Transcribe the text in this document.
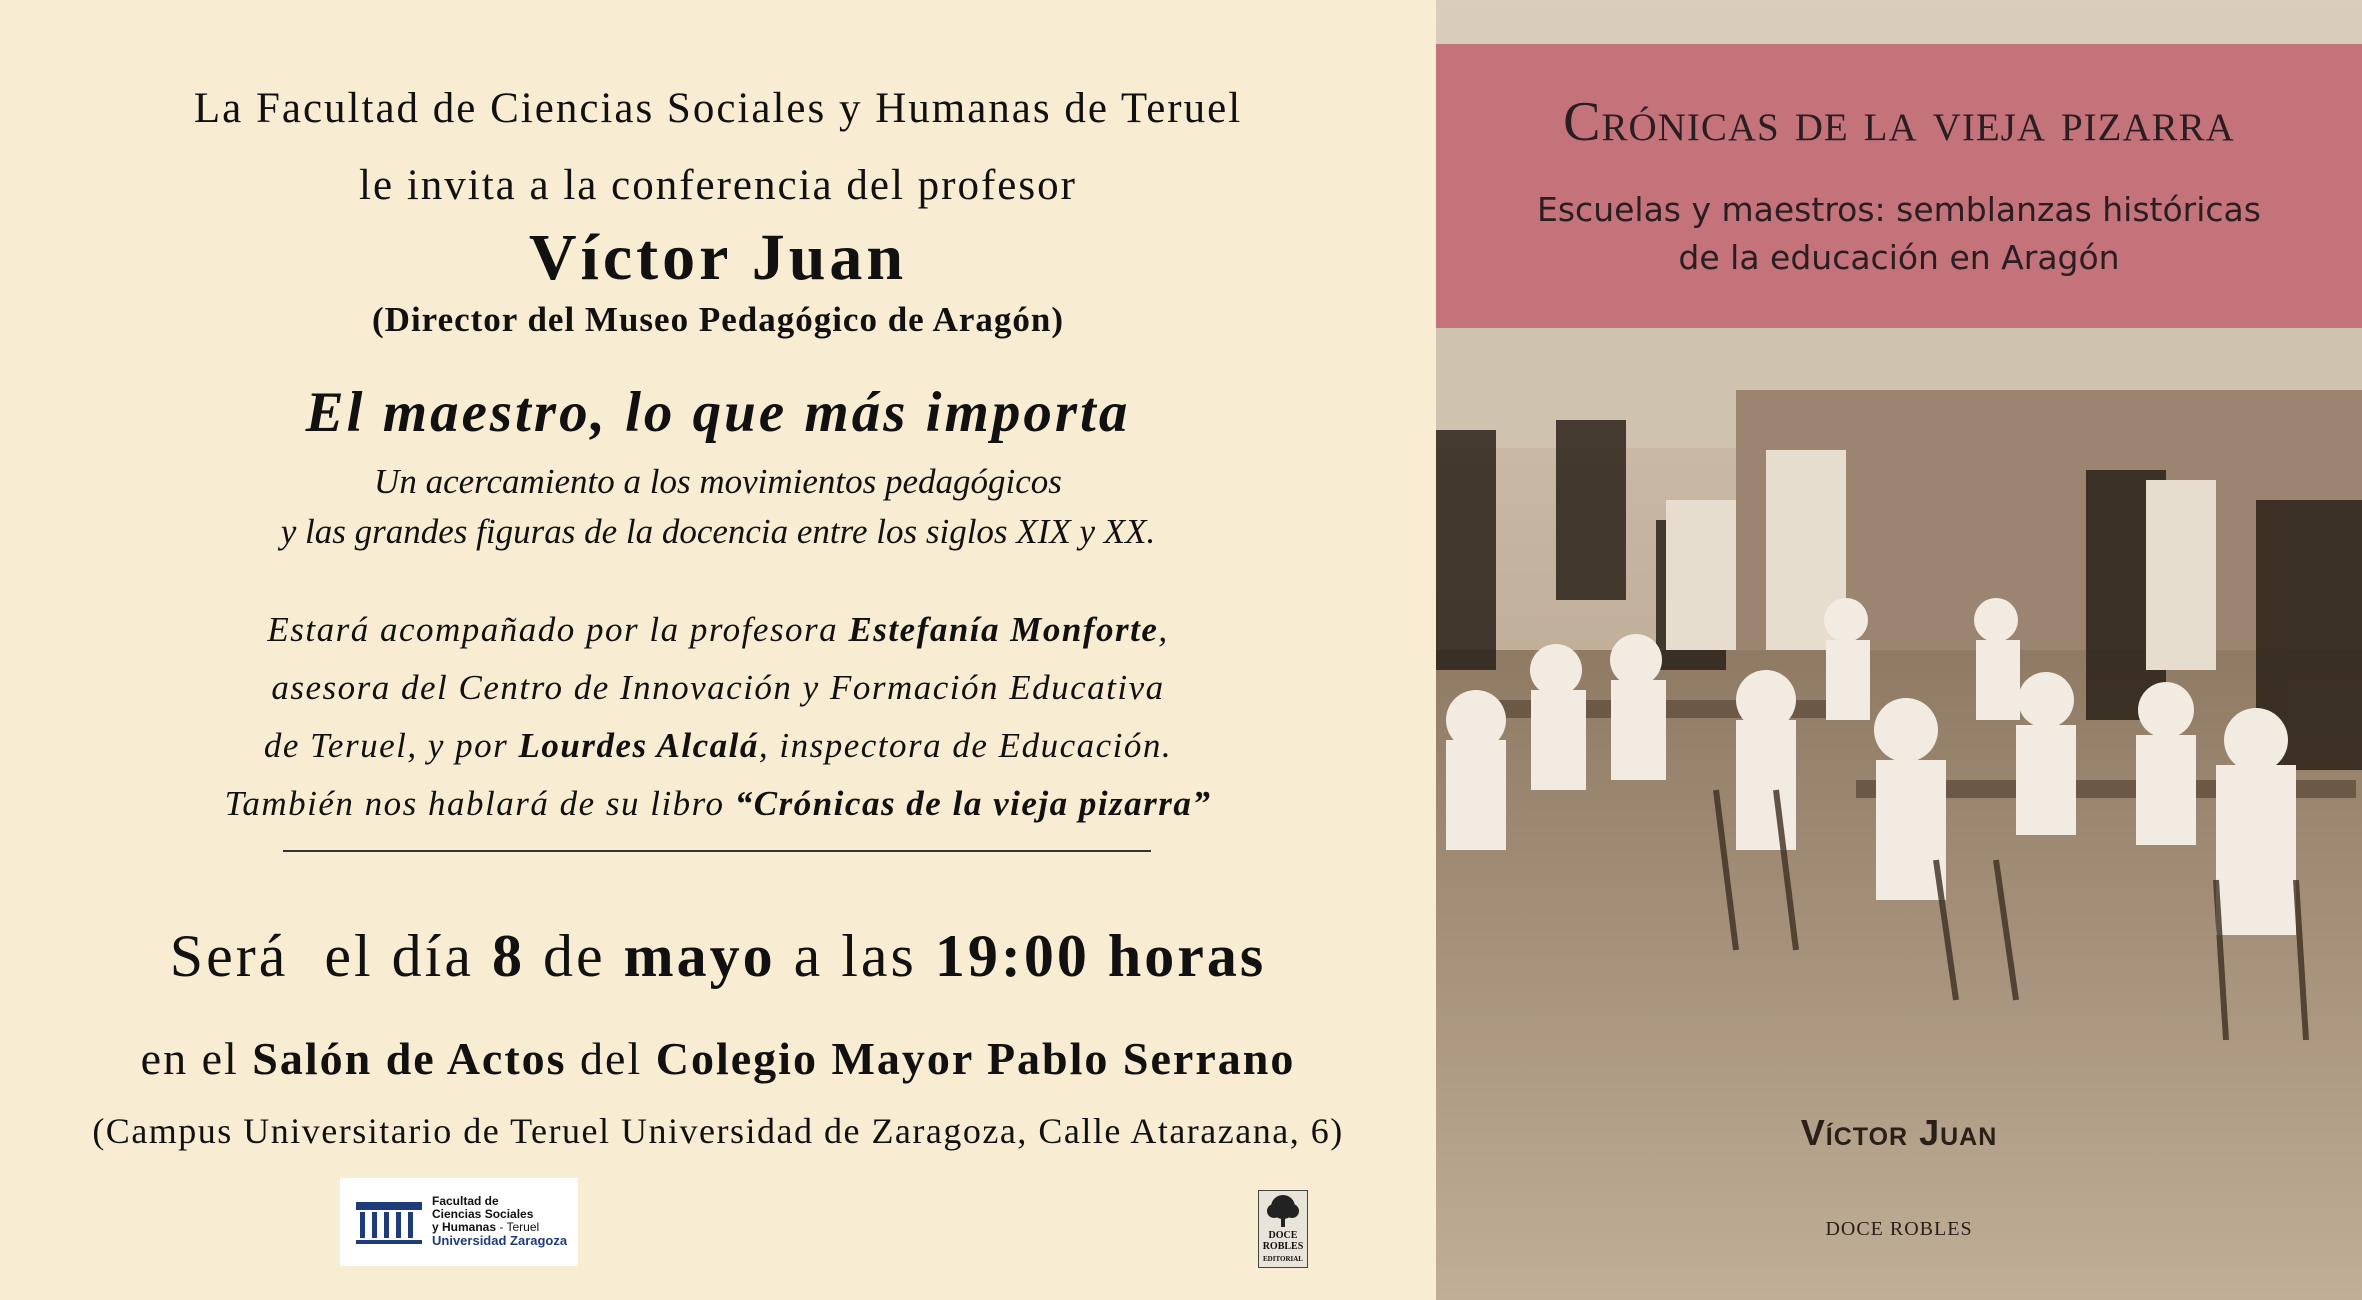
La Facultad de Ciencias Sociales y Humanas de Teruel
le invita a la conferencia del profesor
Víctor Juan
(Director del Museo Pedagógico de Aragón)
El maestro, lo que más importa
Un acercamiento a los movimientos pedagógicos
y las grandes figuras de la docencia entre los siglos XIX y XX.
Estará acompañado por la profesora Estefanía Monforte,
asesora del Centro de Innovación y Formación Educativa
de Teruel, y por Lourdes Alcalá, inspectora de Educación.
También nos hablará de su libro “Crónicas de la vieja pizarra”
Será  el día 8 de mayo a las 19:00 horas
en el Salón de Actos del Colegio Mayor Pablo Serrano
(Campus Universitario de Teruel Universidad de Zaragoza, Calle Atarazana, 6)
Facultad de
Ciencias Sociales
y Humanas - Teruel
Universidad Zaragoza	DOCE
ROBLES
EDITORIAL
Crónicas de la vieja pizarra
Escuelas y maestros: semblanzas históricas
de la educación en Aragón
Víctor Juan
DOCE ROBLES
